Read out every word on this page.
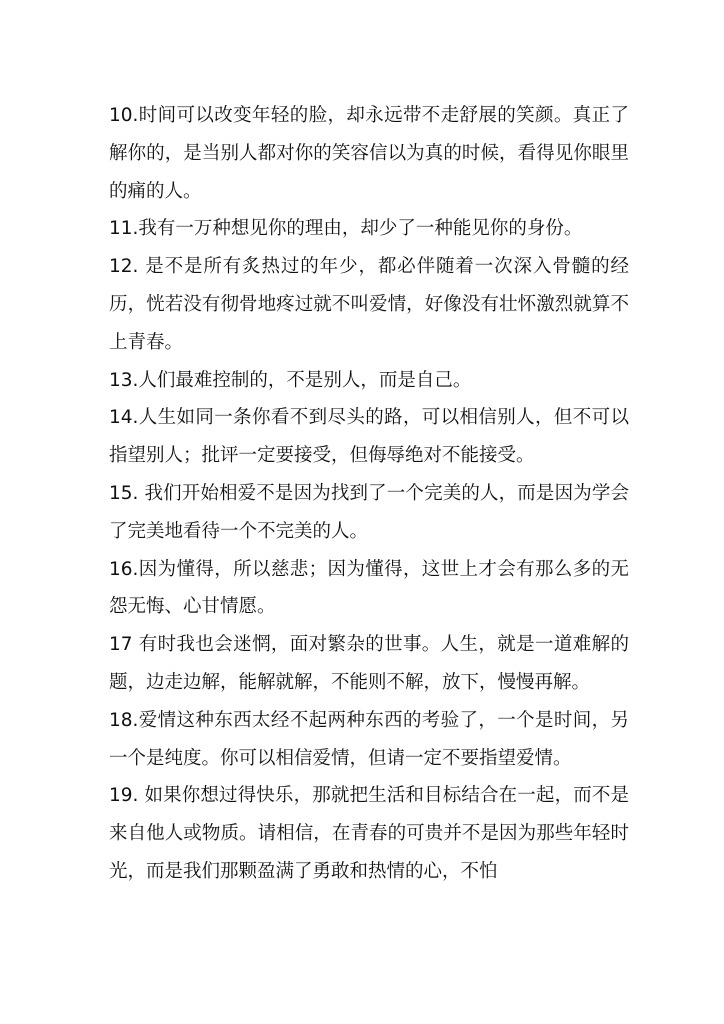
10.时间可以改变年轻的脸，却永远带不走舒展的笑颜。真正了解你的，是当别人都对你的笑容信以为真的时候，看得见你眼里的痛的人。

11.我有一万种想见你的理由，却少了一种能见你的身份。

12. 是不是所有炙热过的年少，都必伴随着一次深入骨髓的经历，恍若没有彻骨地疼过就不叫爱情，好像没有壮怀激烈就算不上青春。

13.人们最难控制的，不是别人，而是自己。

14.人生如同一条你看不到尽头的路，可以相信别人，但不可以指望别人；批评一定要接受，但侮辱绝对不能接受。

15. 我们开始相爱不是因为找到了一个完美的人，而是因为学会了完美地看待一个不完美的人。

16.因为懂得，所以慈悲；因为懂得，这世上才会有那么多的无怨无悔、心甘情愿。

17 有时我也会迷惘，面对繁杂的世事。人生，就是一道难解的题，边走边解，能解就解，不能则不解，放下，慢慢再解。

18.爱情这种东西太经不起两种东西的考验了，一个是时间，另一个是纯度。你可以相信爱情，但请一定不要指望爱情。

19. 如果你想过得快乐，那就把生活和目标结合在一起，而不是来自他人或物质。请相信，在青春的可贵并不是因为那些年轻时光，而是我们那颗盈满了勇敢和热情的心，不怕
